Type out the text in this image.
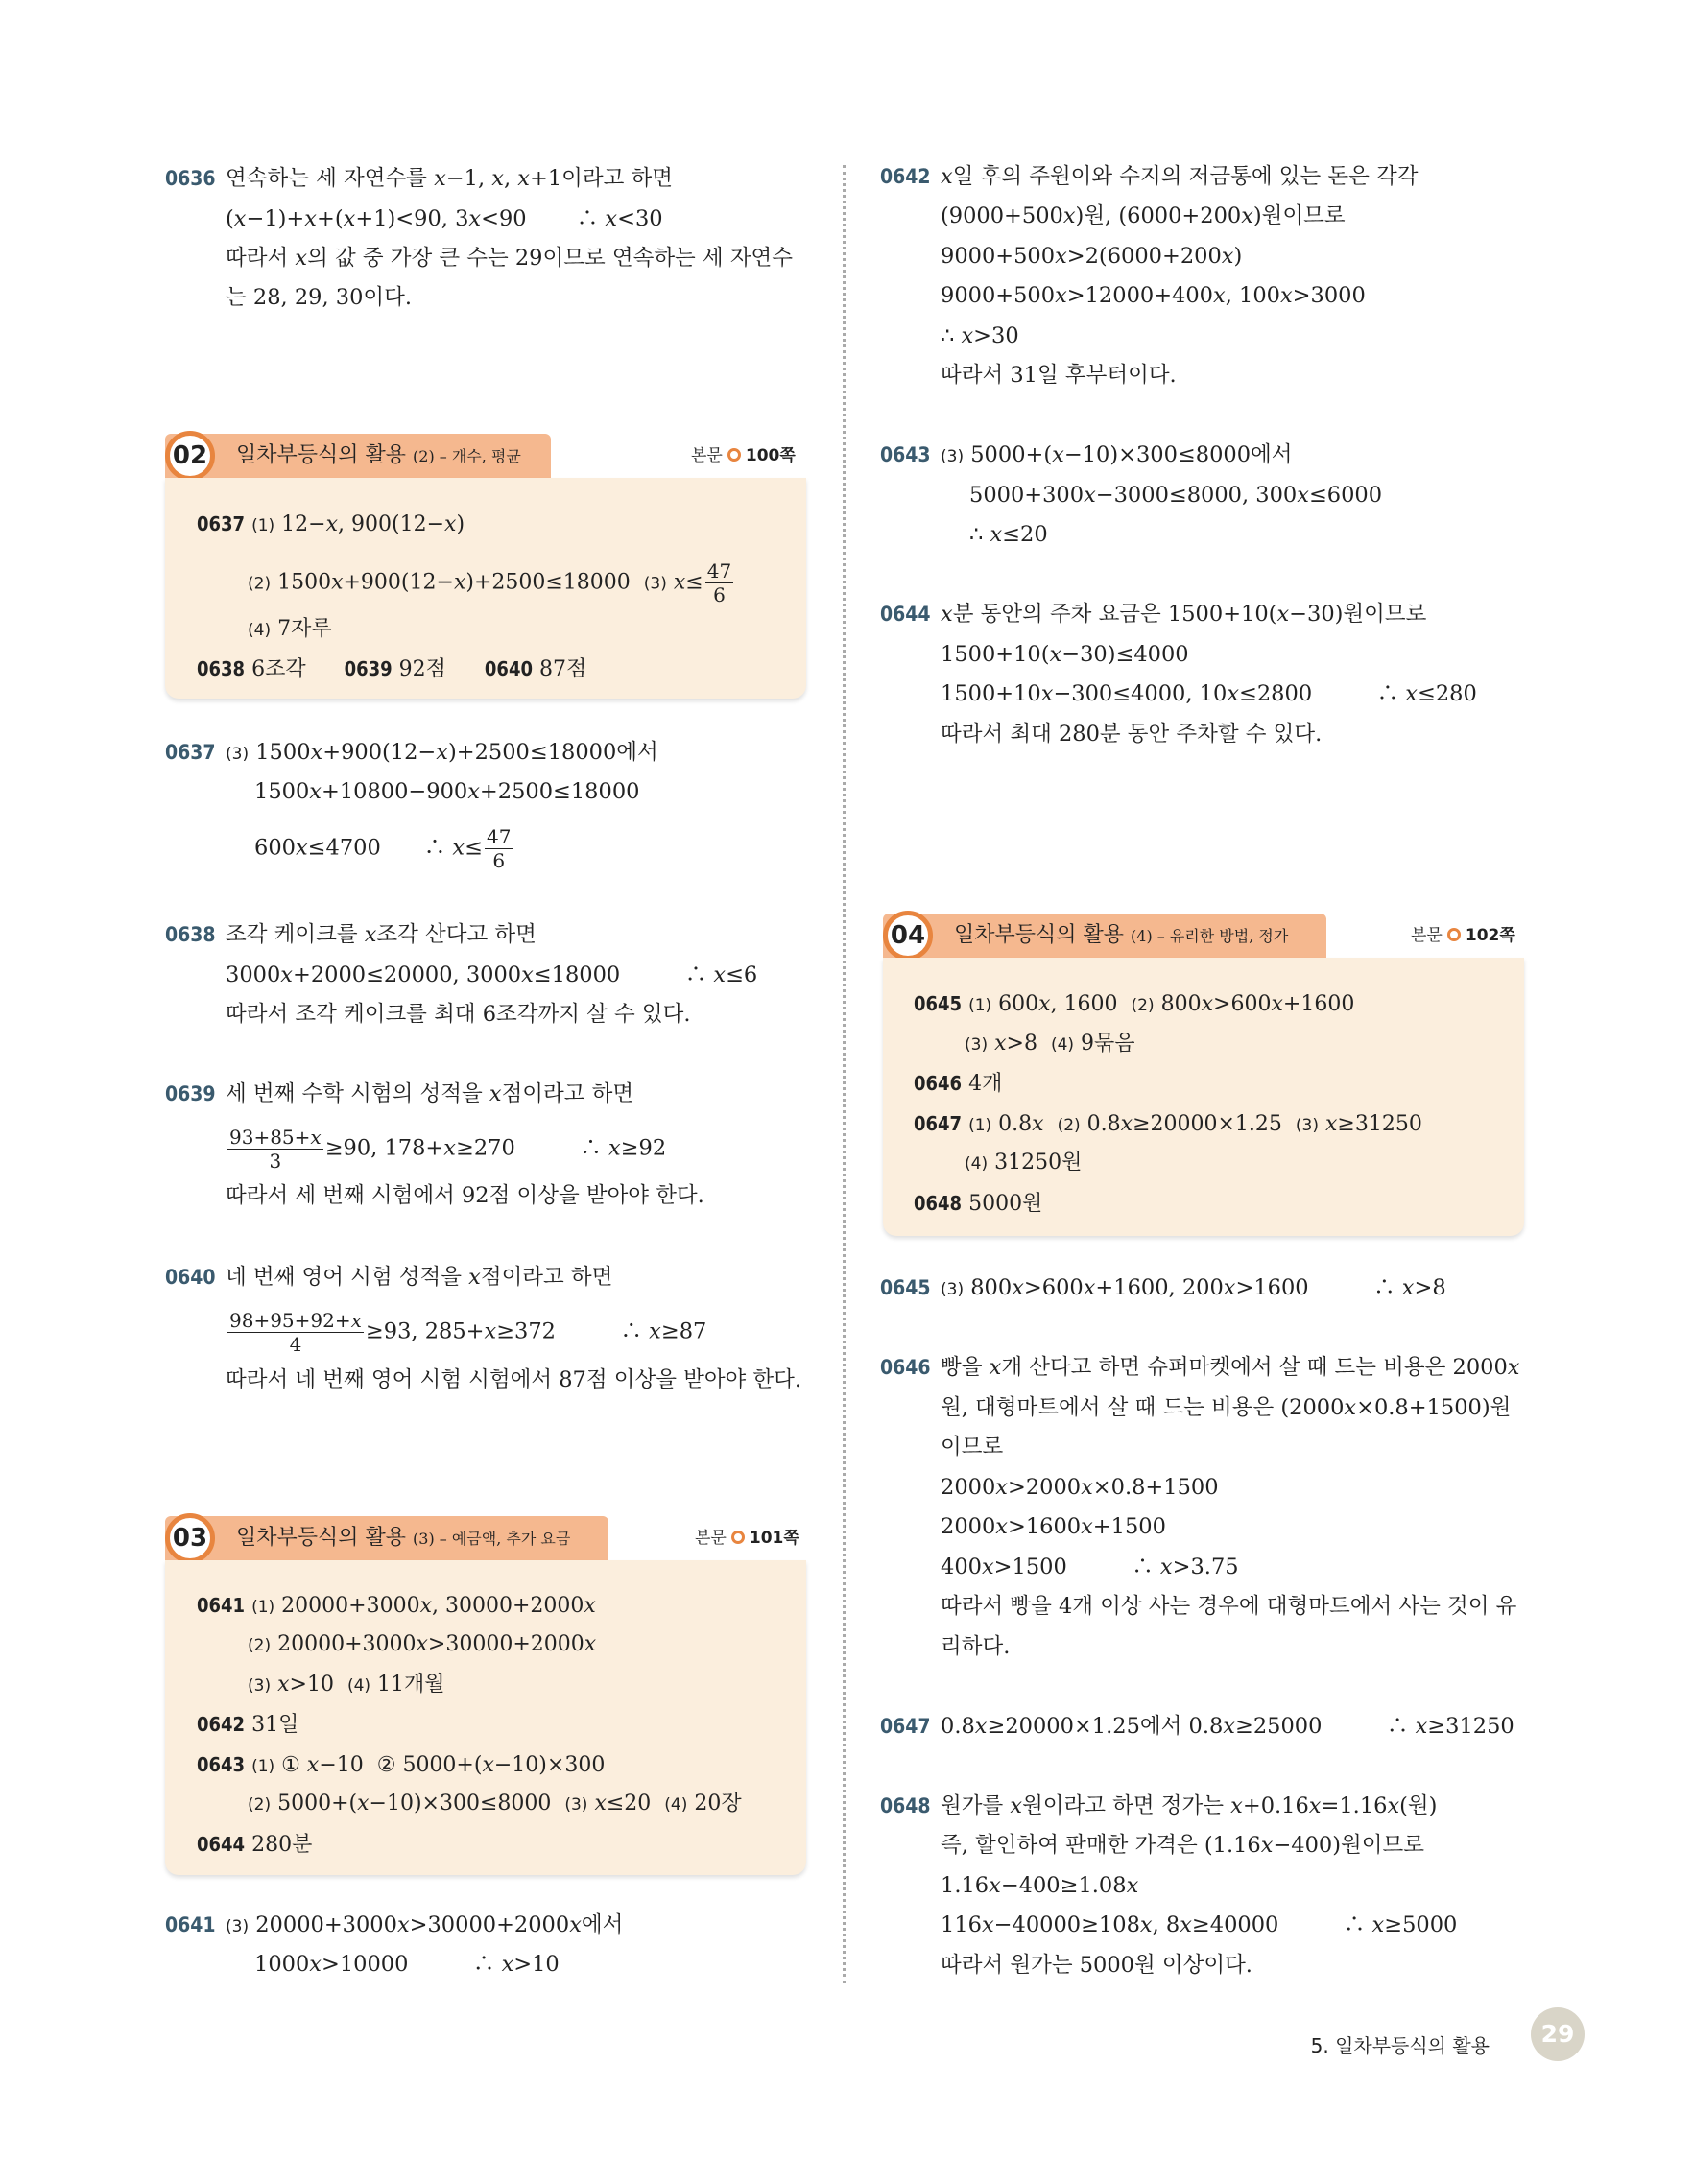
0636 연속하는 세 자연수를 x−1, x, x+1이라고 하면
(x−1)+x+(x+1)<90, 3x<90　　 ∴ x<30
따라서 x의 값 중 가장 큰 수는 29이므로 연속하는 세 자연수
는 28, 29, 30이다.
02	일차부등식의 활용 (2) – 개수, 평균	본문 100쪽
0637 (1) 12−x, 900(12−x)
(2) 1500x+900(12−x)+2500≤18000  (3) $x\le \frac{47}{6}$
(4) 7자루
0638 6조각 0639 92점 0640 87점
0637 (3) 1500x+900(12−x)+2500≤18000에서
1500x+10800−900x+2500≤18000
600x≤4700　　∴ $x\le \frac{47}{6}$
0638 조각 케이크를 x조각 산다고 하면
3000x+2000≤20000, 3000x≤18000　　　∴ x≤6
따라서 조각 케이크를 최대 6조각까지 살 수 있다.
0639 세 번째 수학 시험의 성적을 x점이라고 하면
$\frac{93+85+x}{3} \ge 90$, 178+x≥270　　　∴ x≥92
따라서 세 번째 시험에서 92점 이상을 받아야 한다.
0640 네 번째 영어 시험 성적을 x점이라고 하면
$\frac{98+95+92+x}{4} \ge 93$, 285+x≥372　　　∴ x≥87
따라서 네 번째 영어 시험 시험에서 87점 이상을 받아야 한다.
03	일차부등식의 활용 (3) – 예금액, 추가 요금	본문 101쪽
0641 (1) 20000+3000x, 30000+2000x
(2) 20000+3000x>30000+2000x
(3) x>10  (4) 11개월
0642 31일
0643 (1) ① x−10  ② 5000+(x−10)×300
(2) 5000+(x−10)×300≤8000  (3) x≤20  (4) 20장
0644 280분
0641 (3) 20000+3000x>30000+2000x에서
1000x>10000　　　∴ x>10
0642 x일 후의 주원이와 수지의 저금통에 있는 돈은 각각
(9000+500x)원, (6000+200x)원이므로
9000+500x>2(6000+200x)
9000+500x>12000+400x, 100x>3000
∴ x>30
따라서 31일 후부터이다.
0643 (3) 5000+(x−10)×300≤8000에서
5000+300x−3000≤8000, 300x≤6000
∴ x≤20
0644 x분 동안의 주차 요금은 1500+10(x−30)원이므로
1500+10(x−30)≤4000
1500+10x−300≤4000, 10x≤2800　　　∴ x≤280
따라서 최대 280분 동안 주차할 수 있다.
04	일차부등식의 활용 (4) – 유리한 방법, 정가	본문 102쪽
0645 (1) 600x, 1600  (2) 800x>600x+1600
(3) x>8  (4) 9묶음
0646 4개
0647 (1) 0.8x (2) 0.8x≥20000×1.25  (3) x≥31250
(4) 31250원
0648 5000원
0645 (3) 800x>600x+1600, 200x>1600　　　∴ x>8
0646 빵을 x개 산다고 하면 슈퍼마켓에서 살 때 드는 비용은 2000x
원, 대형마트에서 살 때 드는 비용은 (2000x×0.8+1500)원
이므로
2000x>2000x×0.8+1500
2000x>1600x+1500
400x>1500　　　∴ x>3.75
따라서 빵을 4개 이상 사는 경우에 대형마트에서 사는 것이 유
리하다.
0647 0.8x≥20000×1.25에서 0.8x≥25000　　　∴ x≥31250
0648 원가를 x원이라고 하면 정가는 x+0.16x=1.16x(원)
즉, 할인하여 판매한 가격은 (1.16x−400)원이므로
1.16x−400≥1.08x
116x−40000≥108x, 8x≥40000　　　∴ x≥5000
따라서 원가는 5000원 이상이다.
5. 일차부등식의 활용	29
